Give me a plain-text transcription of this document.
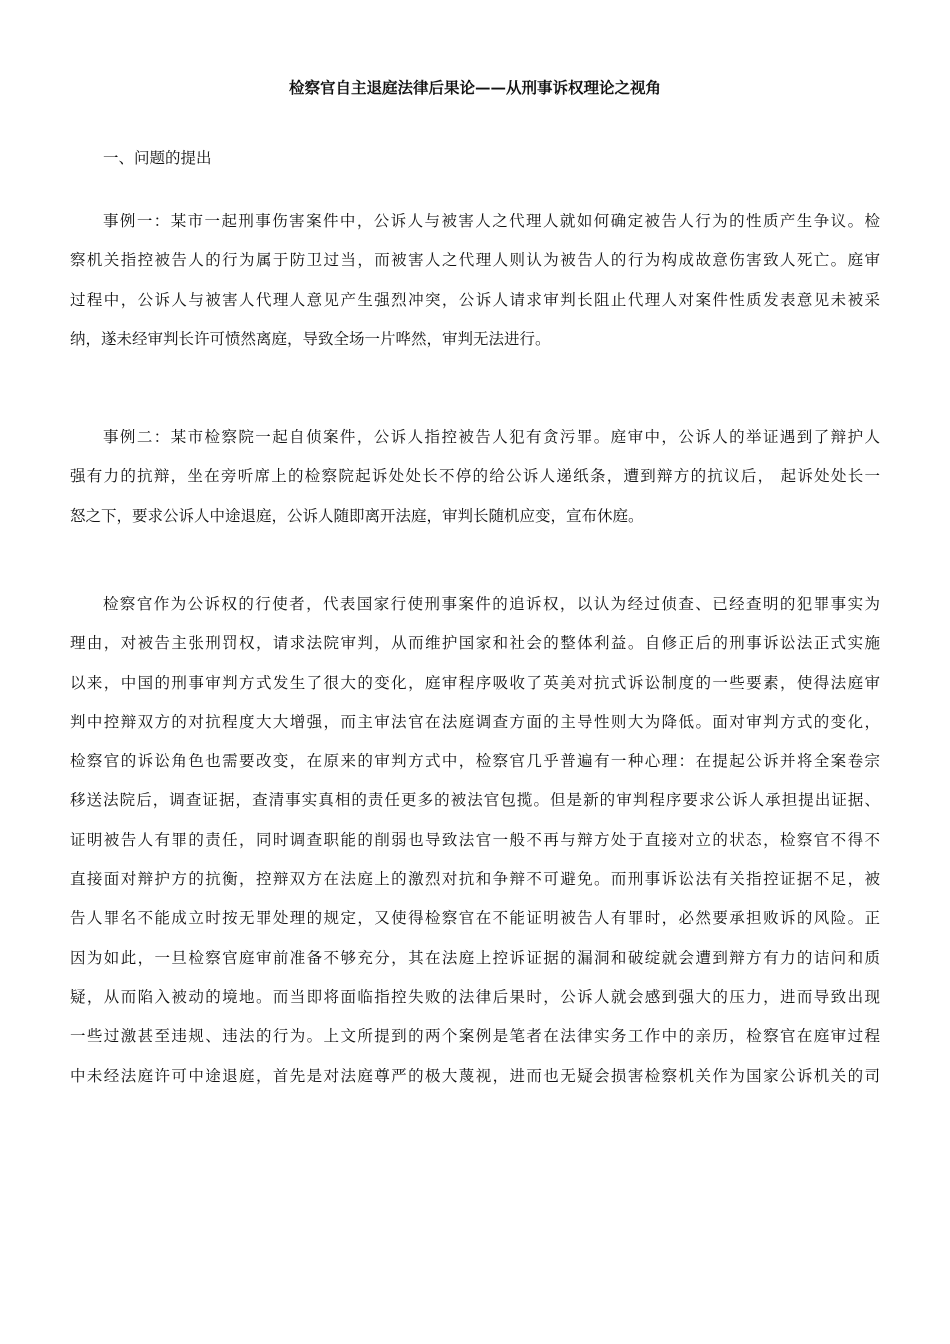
检察官自主退庭法律后果论——从刑事诉权理论之视角
一、问题的提出
事例一：某市一起刑事伤害案件中，公诉人与被害人之代理人就如何确定被告人行为的性质产生争议。检
察机关指控被告人的行为属于防卫过当，而被害人之代理人则认为被告人的行为构成故意伤害致人死亡。庭审
过程中，公诉人与被害人代理人意见产生强烈冲突，公诉人请求审判长阻止代理人对案件性质发表意见未被采
纳，遂未经审判长许可愤然离庭，导致全场一片哗然，审判无法进行。
事例二：某市检察院一起自侦案件，公诉人指控被告人犯有贪污罪。庭审中，公诉人的举证遇到了辩护人
强有力的抗辩，坐在旁听席上的检察院起诉处处长不停的给公诉人递纸条，遭到辩方的抗议后， 起诉处处长一
怒之下，要求公诉人中途退庭，公诉人随即离开法庭，审判长随机应变，宣布休庭。
检察官作为公诉权的行使者，代表国家行使刑事案件的追诉权，以认为经过侦查、已经查明的犯罪事实为
理由，对被告主张刑罚权，请求法院审判，从而维护国家和社会的整体利益。自修正后的刑事诉讼法正式实施
以来，中国的刑事审判方式发生了很大的变化，庭审程序吸收了英美对抗式诉讼制度的一些要素，使得法庭审
判中控辩双方的对抗程度大大增强，而主审法官在法庭调查方面的主导性则大为降低。面对审判方式的变化，
检察官的诉讼角色也需要改变，在原来的审判方式中，检察官几乎普遍有一种心理：在提起公诉并将全案卷宗
移送法院后，调查证据，查清事实真相的责任更多的被法官包揽。但是新的审判程序要求公诉人承担提出证据、
证明被告人有罪的责任，同时调查职能的削弱也导致法官一般不再与辩方处于直接对立的状态，检察官不得不
直接面对辩护方的抗衡，控辩双方在法庭上的激烈对抗和争辩不可避免。而刑事诉讼法有关指控证据不足，被
告人罪名不能成立时按无罪处理的规定，又使得检察官在不能证明被告人有罪时，必然要承担败诉的风险。正
因为如此，一旦检察官庭审前准备不够充分，其在法庭上控诉证据的漏洞和破绽就会遭到辩方有力的诘问和质
疑，从而陷入被动的境地。而当即将面临指控失败的法律后果时，公诉人就会感到强大的压力，进而导致出现
一些过激甚至违规、违法的行为。上文所提到的两个案例是笔者在法律实务工作中的亲历，检察官在庭审过程
中未经法庭许可中途退庭，首先是对法庭尊严的极大蔑视，进而也无疑会损害检察机关作为国家公诉机关的司
